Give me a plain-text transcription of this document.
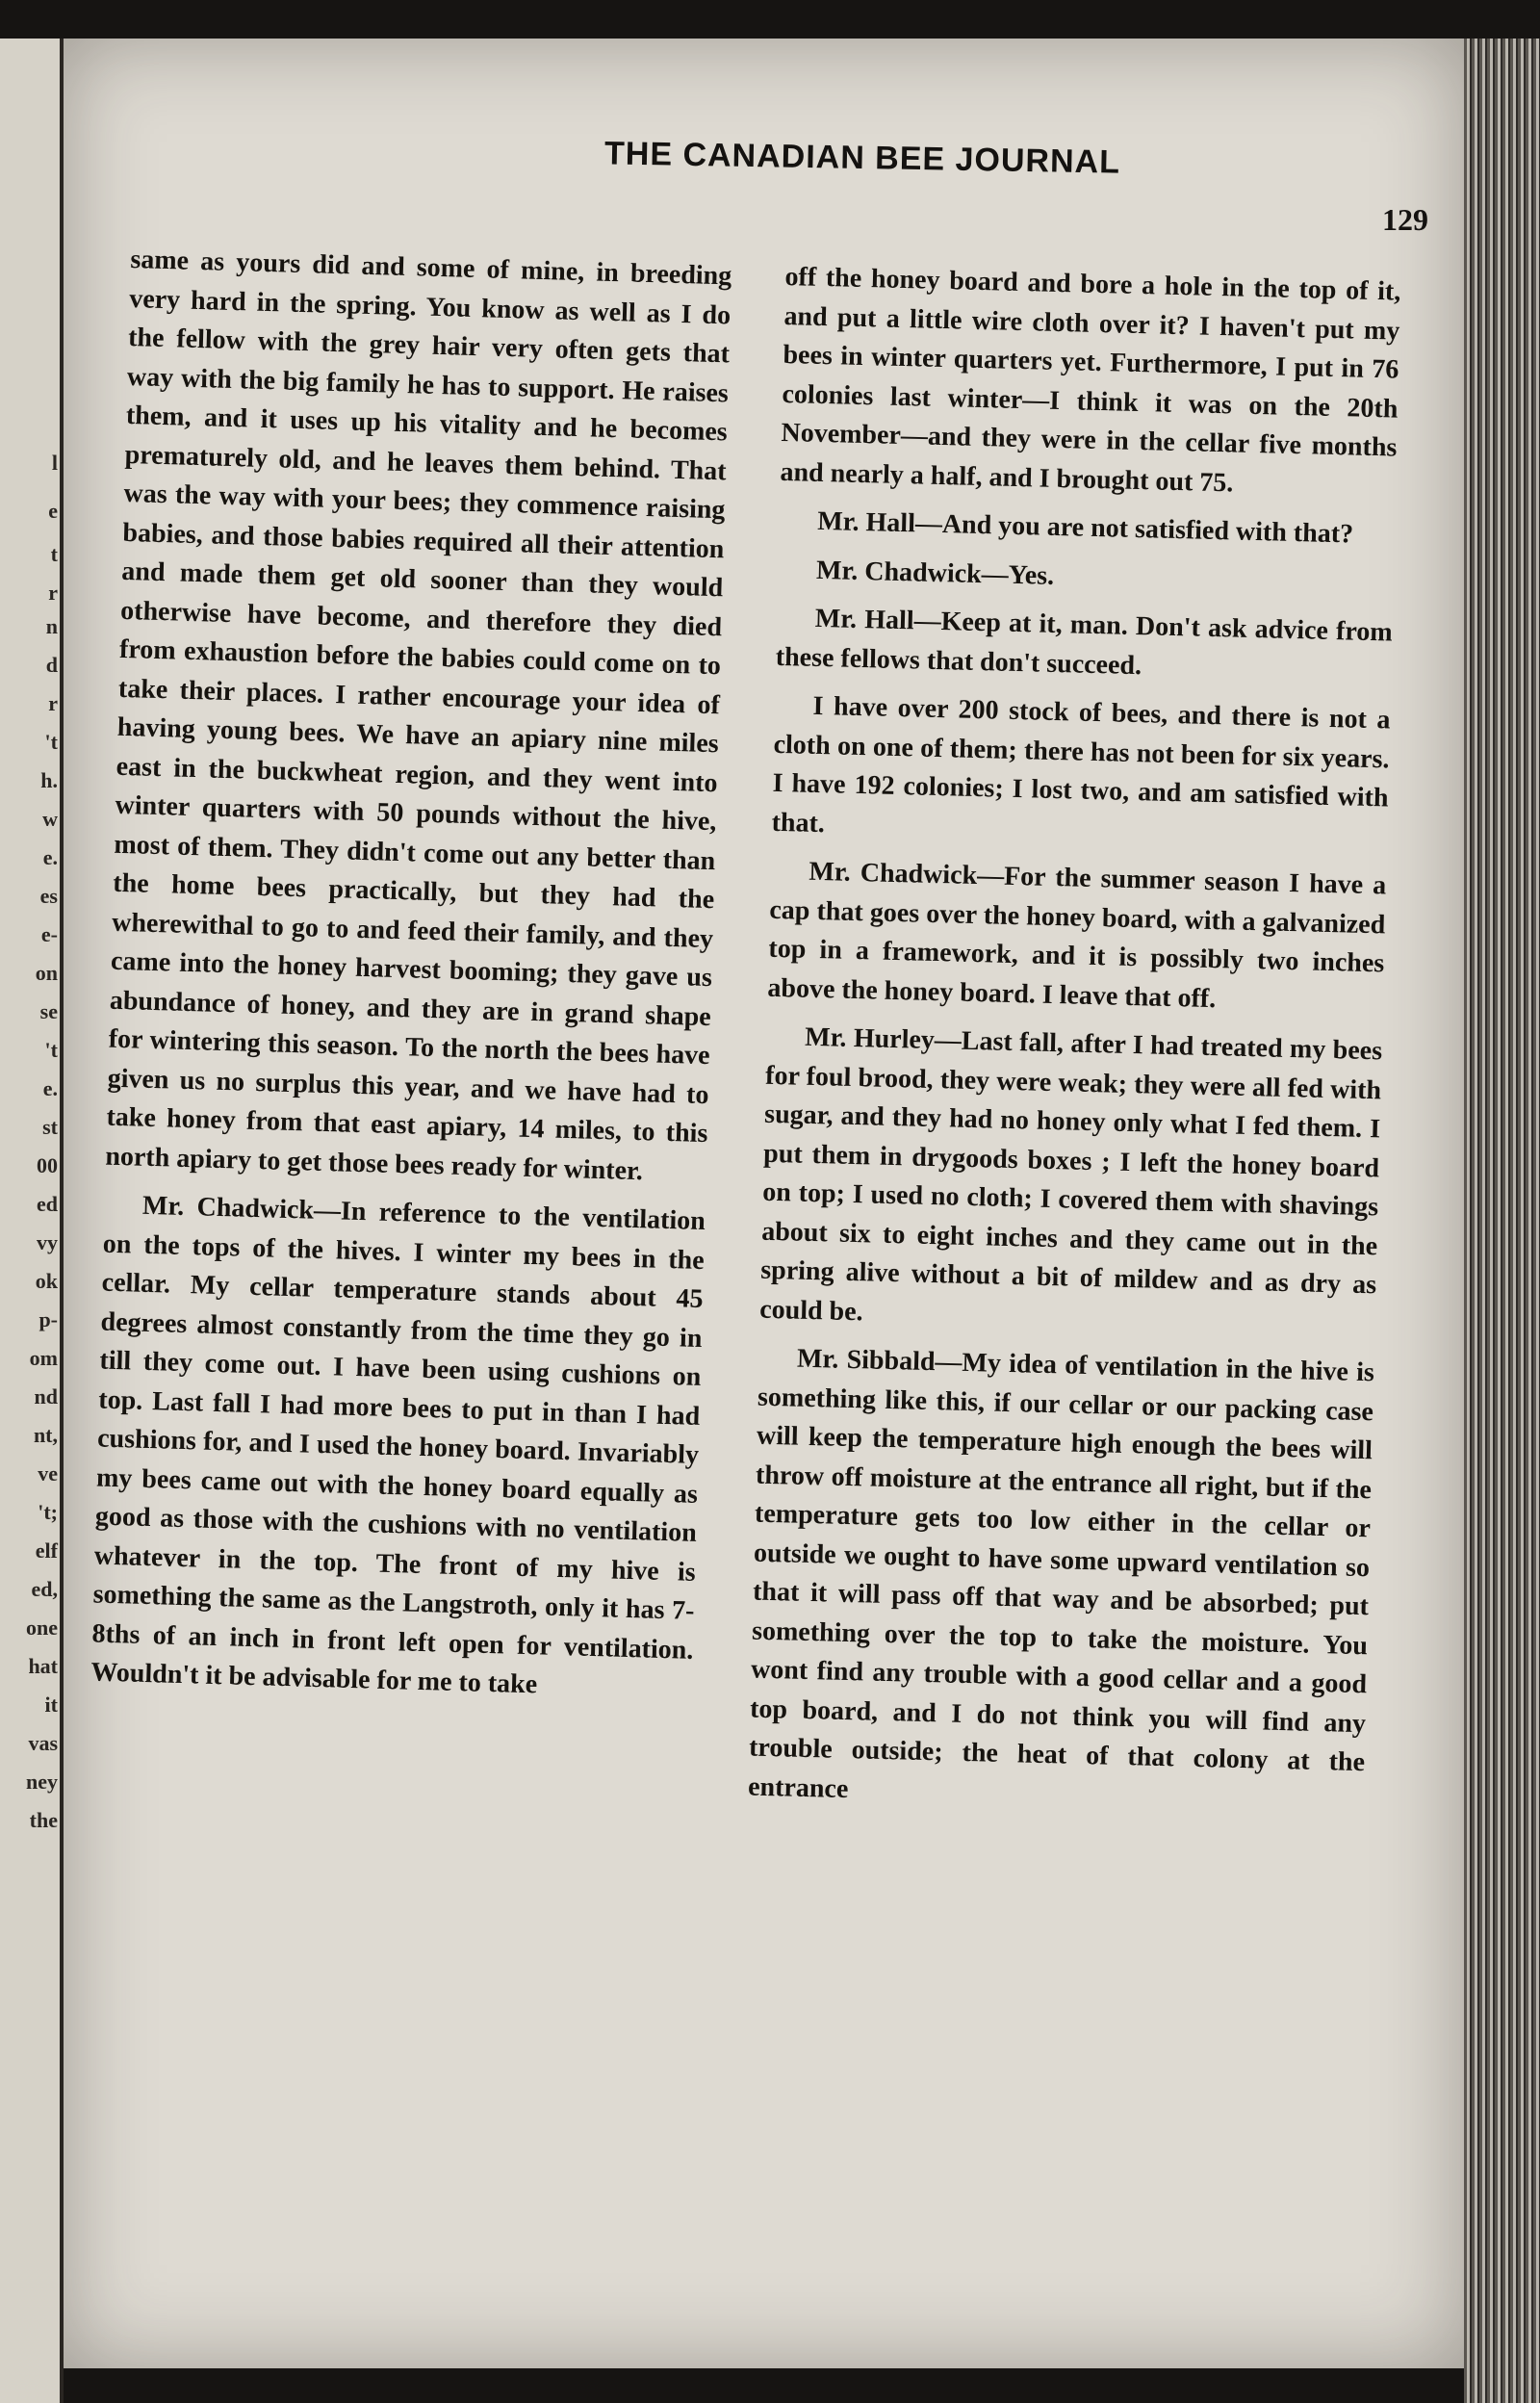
l
e
t
r
n
d
r
't
h.
w
e.
es
e-
on
se
't
e.
st
00
ed
vy
ok
p-
om
nd
nt,
ve
't;
elf
ed,
one
hat
it
vas
ney
the
THE CANADIAN BEE JOURNAL
129

same as yours did and some of mine, in breeding very hard in the spring. You know as well as I do the fellow with the grey hair very often gets that way with the big family he has to support. He raises them, and it uses up his vitality and he becomes prematurely old, and he leaves them behind. That was the way with your bees; they commence raising babies, and those babies required all their attention and made them get old sooner than they would otherwise have become, and therefore they died from exhaustion before the babies could come on to take their places. I rather encourage your idea of having young bees. We have an apiary nine miles east in the buckwheat region, and they went into winter quarters with 50 pounds without the hive, most of them. They didn't come out any better than the home bees practically, but they had the wherewithal to go to and feed their family, and they came into the honey harvest booming; they gave us abundance of honey, and they are in grand shape for wintering this season. To the north the bees have given us no surplus this year, and we have had to take honey from that east apiary, 14 miles, to this north apiary to get those bees ready for winter.

Mr. Chadwick—In reference to the ventilation on the tops of the hives. I winter my bees in the cellar. My cellar temperature stands about 45 degrees almost constantly from the time they go in till they come out. I have been using cushions on top. Last fall I had more bees to put in than I had cushions for, and I used the honey board. Invariably my bees came out with the honey board equally as good as those with the cushions with no ventilation whatever in the top. The front of my hive is something the same as the Langstroth, only it has 7-8ths of an inch in front left open for ventilation. Wouldn't it be advisable for me to take

off the honey board and bore a hole in the top of it, and put a little wire cloth over it? I haven't put my bees in winter quarters yet. Furthermore, I put in 76 colonies last winter—I think it was on the 20th November—and they were in the cellar five months and nearly a half, and I brought out 75.

Mr. Hall—And you are not satisfied with that?

Mr. Chadwick—Yes.

Mr. Hall—Keep at it, man. Don't ask advice from these fellows that don't succeed.

I have over 200 stock of bees, and there is not a cloth on one of them; there has not been for six years. I have 192 colonies; I lost two, and am satisfied with that.

Mr. Chadwick—For the summer season I have a cap that goes over the honey board, with a galvanized top in a framework, and it is possibly two inches above the honey board. I leave that off.

Mr. Hurley—Last fall, after I had treated my bees for foul brood, they were weak; they were all fed with sugar, and they had no honey only what I fed them. I put them in drygoods boxes ; I left the honey board on top; I used no cloth; I covered them with shavings about six to eight inches and they came out in the spring alive without a bit of mildew and as dry as could be.

Mr. Sibbald—My idea of ventilation in the hive is something like this, if our cellar or our packing case will keep the temperature high enough the bees will throw off moisture at the entrance all right, but if the temperature gets too low either in the cellar or outside we ought to have some upward ventilation so that it will pass off that way and be absorbed; put something over the top to take the moisture. You wont find any trouble with a good cellar and a good top board, and I do not think you will find any trouble outside; the heat of that colony at the entrance
